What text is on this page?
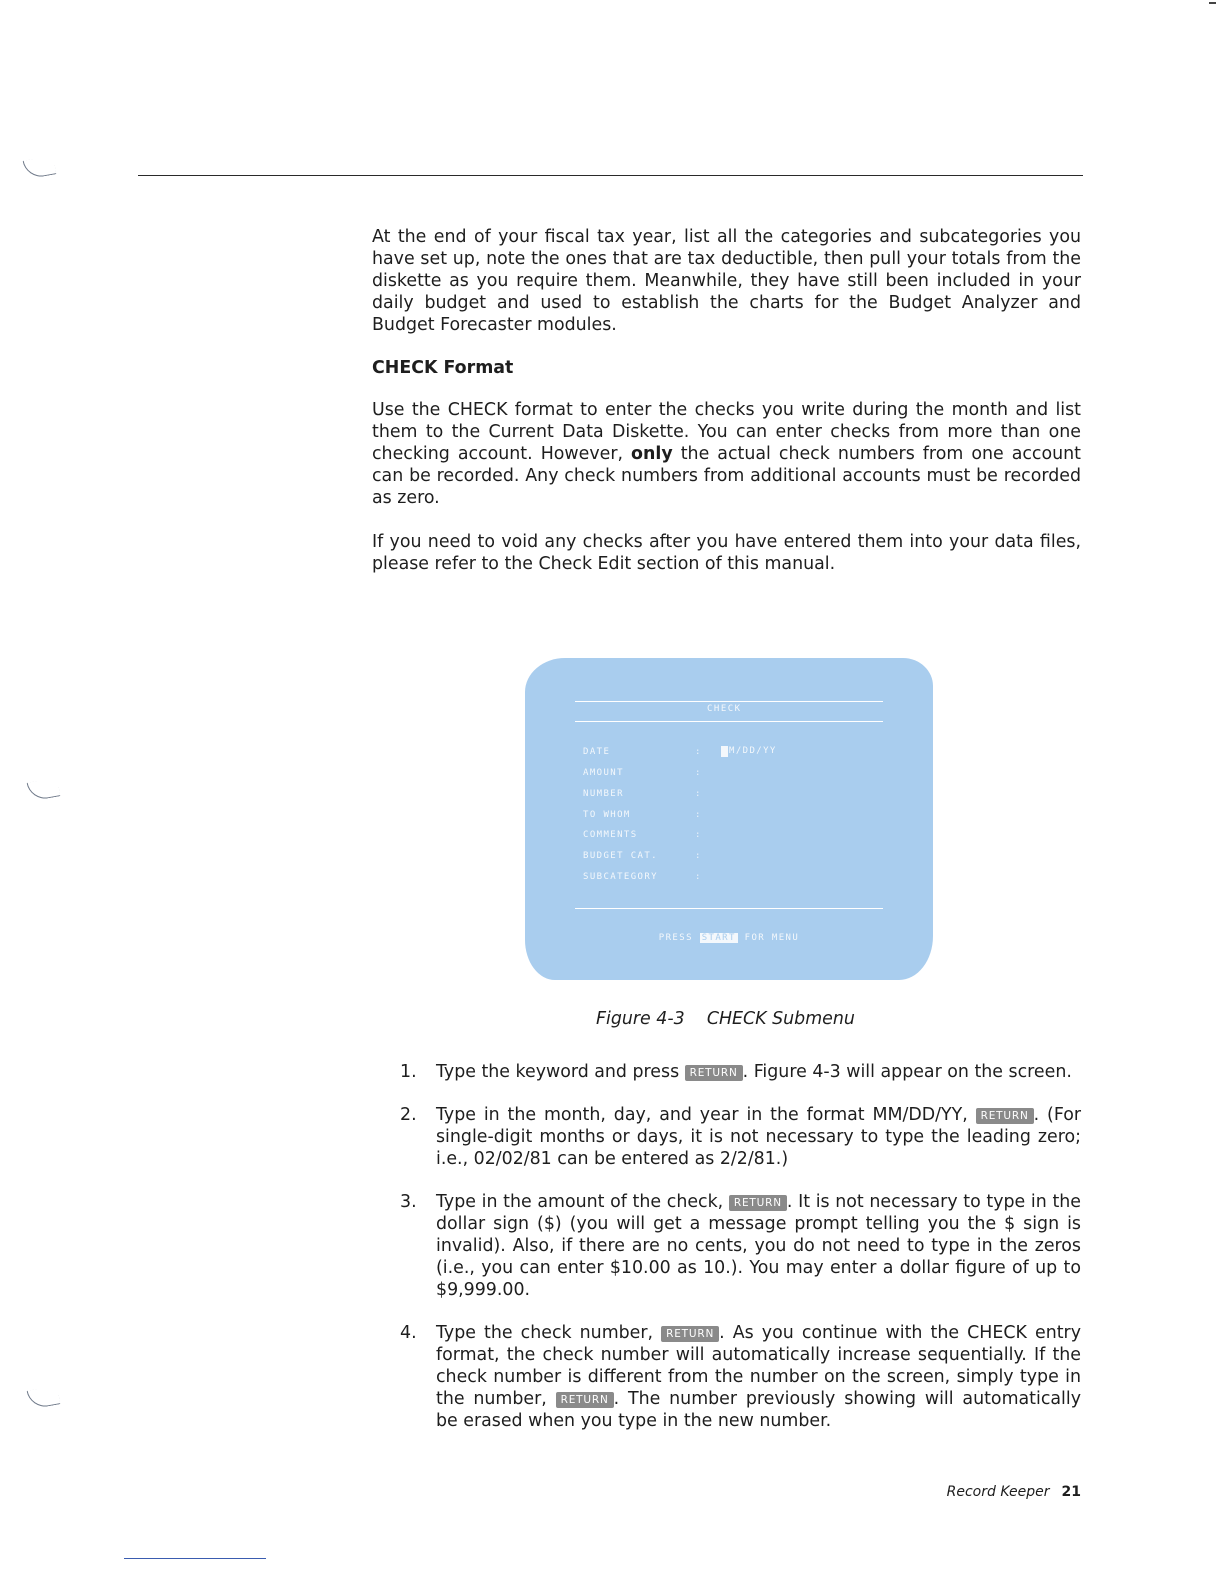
At the end of your fiscal tax year, list all the categories and subcategories you have set up, note the ones that are tax deductible, then pull your totals from the diskette as you require them. Meanwhile, they have still been included in your daily budget and used to establish the charts for the Budget Analyzer and Budget Forecaster modules.

CHECK Format

Use the CHECK format to enter the checks you write during the month and list them to the Current Data Diskette. You can enter checks from more than one checking account. However, only the actual check numbers from one account can be recorded. Any check numbers from additional accounts must be recorded as zero.

If you need to void any checks after you have entered them into your data files, please refer to the Check Edit section of this manual.

CHECK
DATE
AMOUNT
NUMBER
TO WHOM
COMMENTS
BUDGET CAT.
SUBCATEGORY
:
:
:
:
:
:
:
M/DD/YY
PRESS START FOR MENU

Figure 4-3 CHECK Submenu

1. Type the keyword and press RETURN . Figure 4-3 will appear on the screen.

2. Type in the month, day, and year in the format MM/DD/YY, RETURN . (For single-digit months or days, it is not necessary to type the leading zero; i.e., 02/02/81 can be entered as 2/2/81.)

3. Type in the amount of the check, RETURN . It is not necessary to type in the dollar sign ($) (you will get a message prompt telling you the $ sign is invalid). Also, if there are no cents, you do not need to type in the zeros (i.e., you can enter $10.00 as 10.). You may enter a dollar figure of up to $9,999.00.

4. Type the check number, RETURN . As you continue with the CHECK entry format, the check number will automatically increase sequentially. If the check number is different from the number on the screen, simply type in the number, RETURN . The number previously showing will automatically be erased when you type in the new number.

Record Keeper 21
